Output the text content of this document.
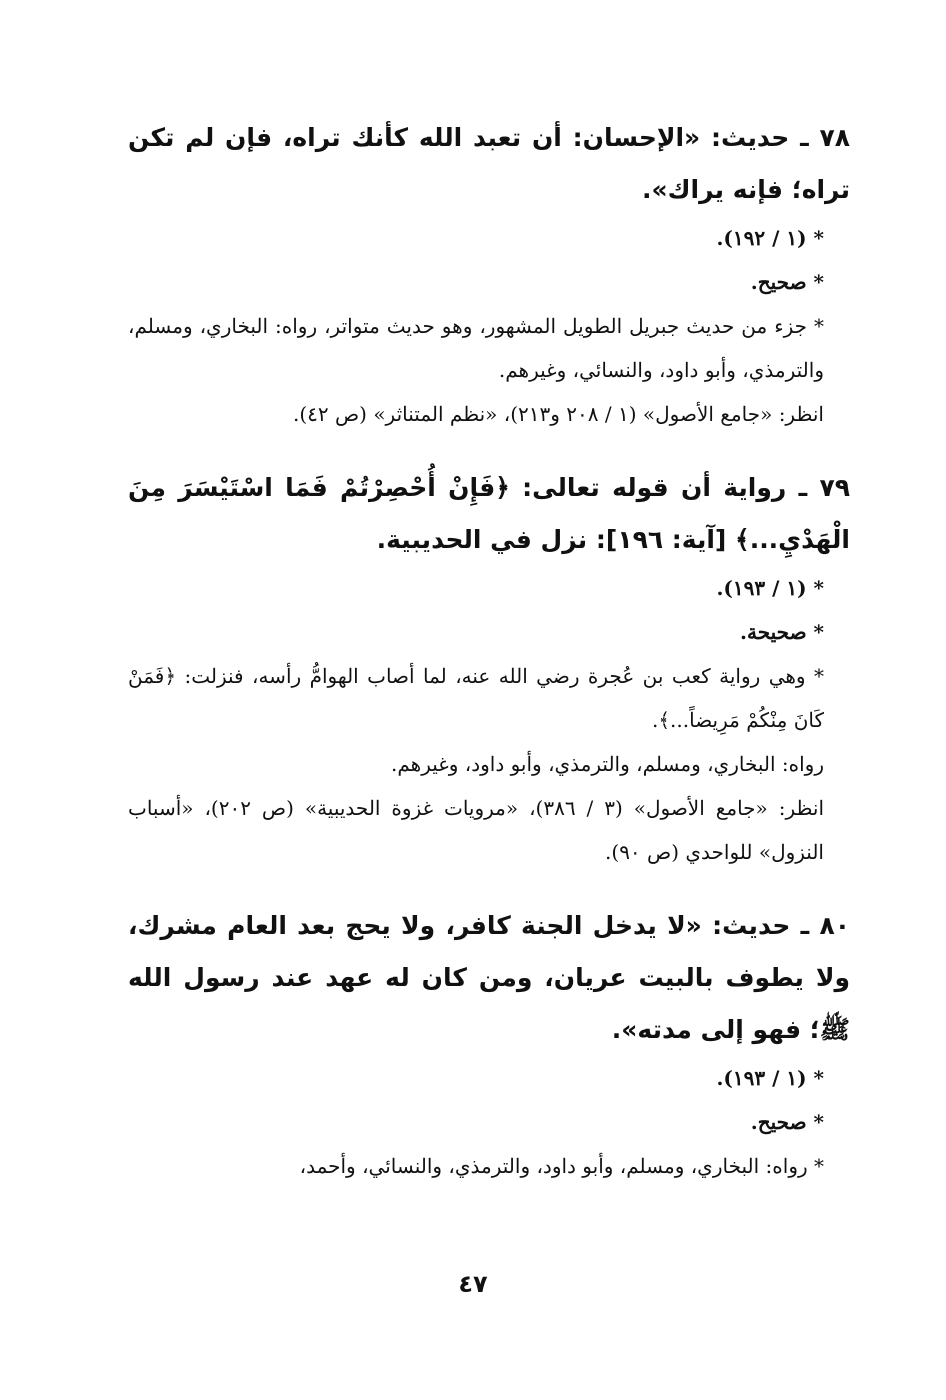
٧٨ ـ حديث: «الإحسان: أن تعبد الله كأنك تراه، فإن لم تكن تراه؛ فإنه يراك».
* (١ / ١٩٢).
* صحيح.
* جزء من حديث جبريل الطويل المشهور، وهو حديث متواتر، رواه: البخاري، ومسلم، والترمذي، وأبو داود، والنسائي، وغيرهم.
انظر: «جامع الأصول» (١ / ٢٠٨ و٢١٣)، «نظم المتناثر» (ص ٤٢).
٧٩ ـ رواية أن قوله تعالى: ﴿فَإِنْ أُحْصِرْتُمْ فَمَا اسْتَيْسَرَ مِنَ الْهَدْيِ...﴾ [آية: ١٩٦]: نزل في الحديبية.
* (١ / ١٩٣).
* صحيحة.
* وهي رواية كعب بن عُجرة رضي الله عنه، لما أصاب الهوامُّ رأسه، فنزلت: ﴿فَمَنْ كَانَ مِنْكُمْ مَرِيضاً...﴾.
رواه: البخاري، ومسلم، والترمذي، وأبو داود، وغيرهم.
انظر: «جامع الأصول» (٣ / ٣٨٦)، «مرويات غزوة الحديبية» (ص ٢٠٢)، «أسباب النزول» للواحدي (ص ٩٠).
٨٠ ـ حديث: «لا يدخل الجنة كافر، ولا يحج بعد العام مشرك، ولا يطوف بالبيت عريان، ومن كان له عهد عند رسول الله ﷺ؛ فهو إلى مدته».
* (١ / ١٩٣).
* صحيح.
* رواه: البخاري، ومسلم، وأبو داود، والترمذي، والنسائي، وأحمد،
٤٧
